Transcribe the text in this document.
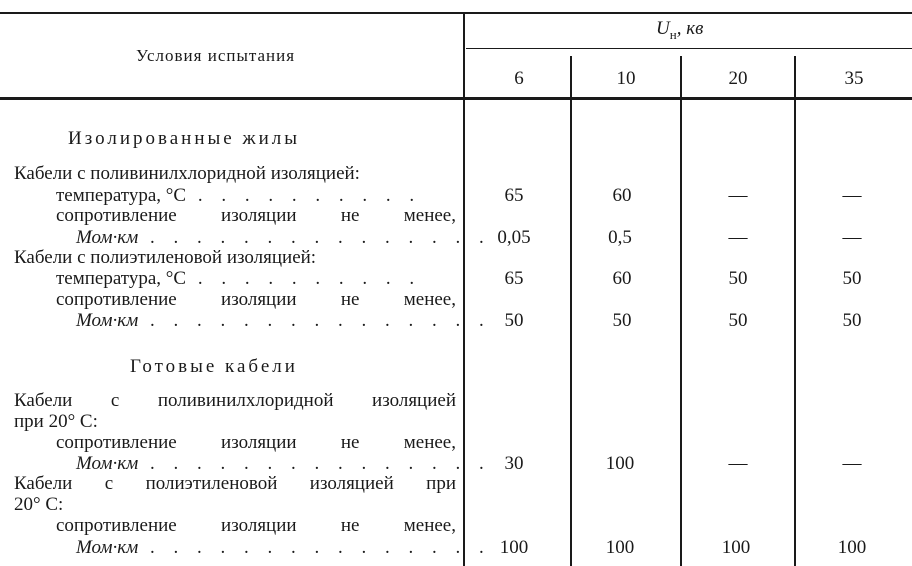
Условия испытания
$U_н$, кв
6	10	20	35
Изолированные жилы
Кабели с поливинилхлоридной изоляцией:
температура, °C . . . . . . . . . .	65	60	—	—
сопротивление изоляции не менее,
Мом·км . . . . . . . . . . . . . . . 0,05	0,5	—	—
Кабели с полиэтиленовой изоляцией:
температура, °C . . . . . . . . . .	65	60	50	50
сопротивление изоляции не менее,
Мом·км . . . . . . . . . . . . . . . 50	50	50	50
Готовые кабели
Кабели с поливинилхлоридной изоляцией
при 20° С:
сопротивление изоляции не менее,
Мом·км . . . . . . . . . . . . . . . 30	100	—	—
Кабели с полиэтиленовой изоляцией при
20° С:
сопротивление изоляции не менее,
Мом·км . . . . . . . . . . . . . . . 100	100	100	100
